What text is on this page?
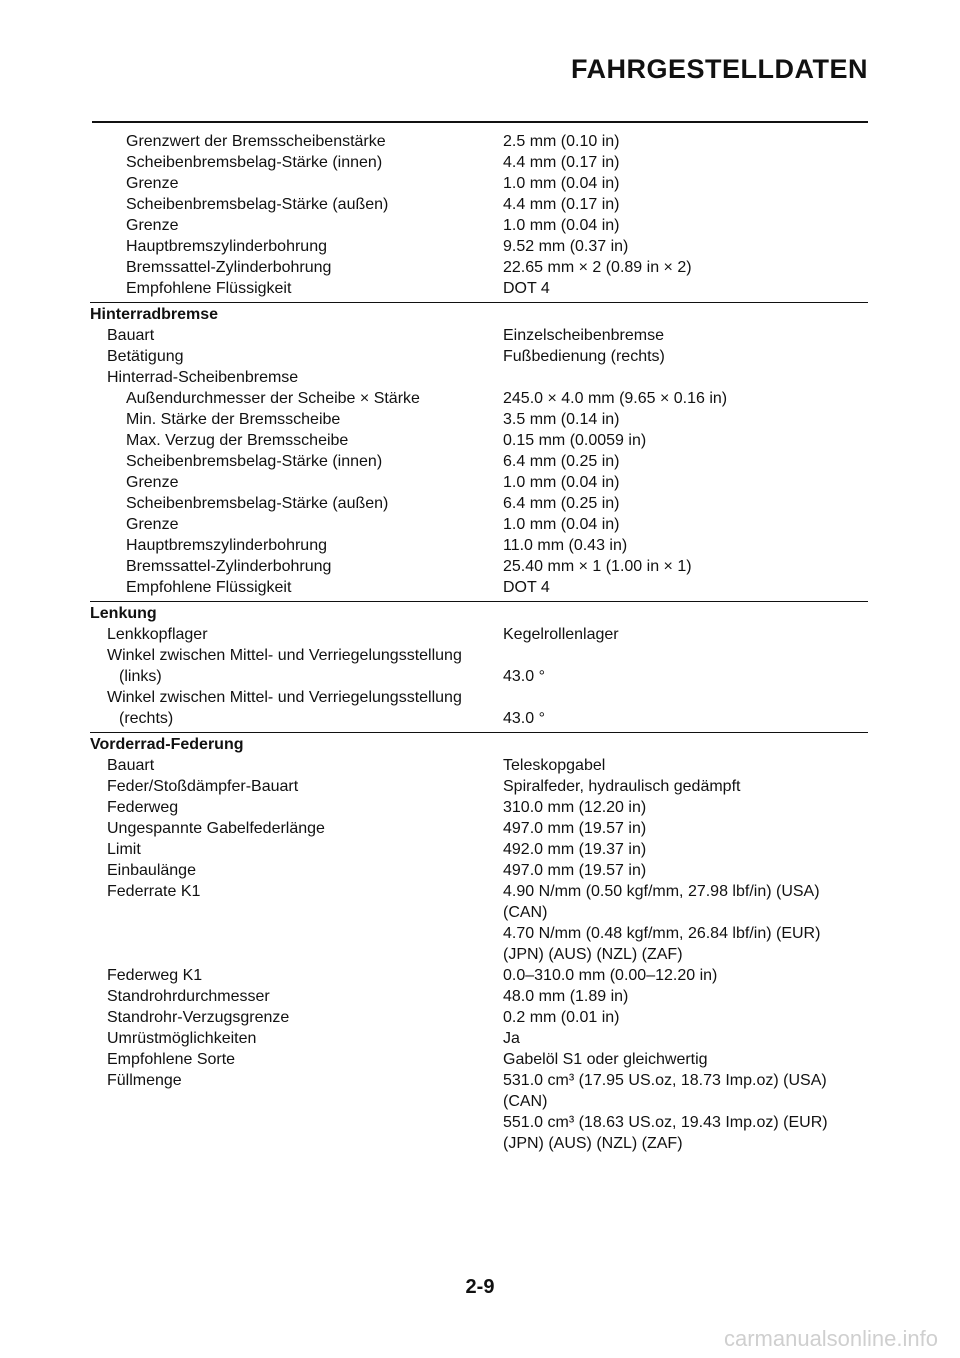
FAHRGESTELLDATEN
Grenzwert der Bremsscheibenstärke	2.5 mm (0.10 in)
Scheibenbremsbelag-Stärke (innen)	4.4 mm (0.17 in)
Grenze	1.0 mm (0.04 in)
Scheibenbremsbelag-Stärke (außen)	4.4 mm (0.17 in)
Grenze	1.0 mm (0.04 in)
Hauptbremszylinderbohrung	9.52 mm (0.37 in)
Bremssattel-Zylinderbohrung	22.65 mm × 2 (0.89 in × 2)
Empfohlene Flüssigkeit	DOT 4
Hinterradbremse
Bauart	Einzelscheibenbremse
Betätigung	Fußbedienung (rechts)
Hinterrad-Scheibenbremse
Außendurchmesser der Scheibe × Stärke	245.0 × 4.0 mm (9.65 × 0.16 in)
Min. Stärke der Bremsscheibe	3.5 mm (0.14 in)
Max. Verzug der Bremsscheibe	0.15 mm (0.0059 in)
Scheibenbremsbelag-Stärke (innen)	6.4 mm (0.25 in)
Grenze	1.0 mm (0.04 in)
Scheibenbremsbelag-Stärke (außen)	6.4 mm (0.25 in)
Grenze	1.0 mm (0.04 in)
Hauptbremszylinderbohrung	11.0 mm (0.43 in)
Bremssattel-Zylinderbohrung	25.40 mm × 1 (1.00 in × 1)
Empfohlene Flüssigkeit	DOT 4
Lenkung
Lenkkopflager	Kegelrollenlager
Winkel zwischen Mittel- und Verriegelungsstellung
(links)	43.0 °
Winkel zwischen Mittel- und Verriegelungsstellung
(rechts)	43.0 °
Vorderrad-Federung
Bauart	Teleskopgabel
Feder/Stoßdämpfer-Bauart	Spiralfeder, hydraulisch gedämpft
Federweg	310.0 mm (12.20 in)
Ungespannte Gabelfederlänge	497.0 mm (19.57 in)
Limit	492.0 mm (19.37 in)
Einbaulänge	497.0 mm (19.57 in)
Federrate K1	4.90 N/mm (0.50 kgf/mm, 27.98 lbf/in) (USA)
(CAN)
4.70 N/mm (0.48 kgf/mm, 26.84 lbf/in) (EUR)
(JPN) (AUS) (NZL) (ZAF)
Federweg K1	0.0–310.0 mm (0.00–12.20 in)
Standrohrdurchmesser	48.0 mm (1.89 in)
Standrohr-Verzugsgrenze	0.2 mm (0.01 in)
Umrüstmöglichkeiten	Ja
Empfohlene Sorte	Gabelöl S1 oder gleichwertig
Füllmenge	531.0 cm³ (17.95 US.oz, 18.73 Imp.oz) (USA)
(CAN)
551.0 cm³ (18.63 US.oz, 19.43 Imp.oz) (EUR)
(JPN) (AUS) (NZL) (ZAF)
2-9
carmanualsonline.info
